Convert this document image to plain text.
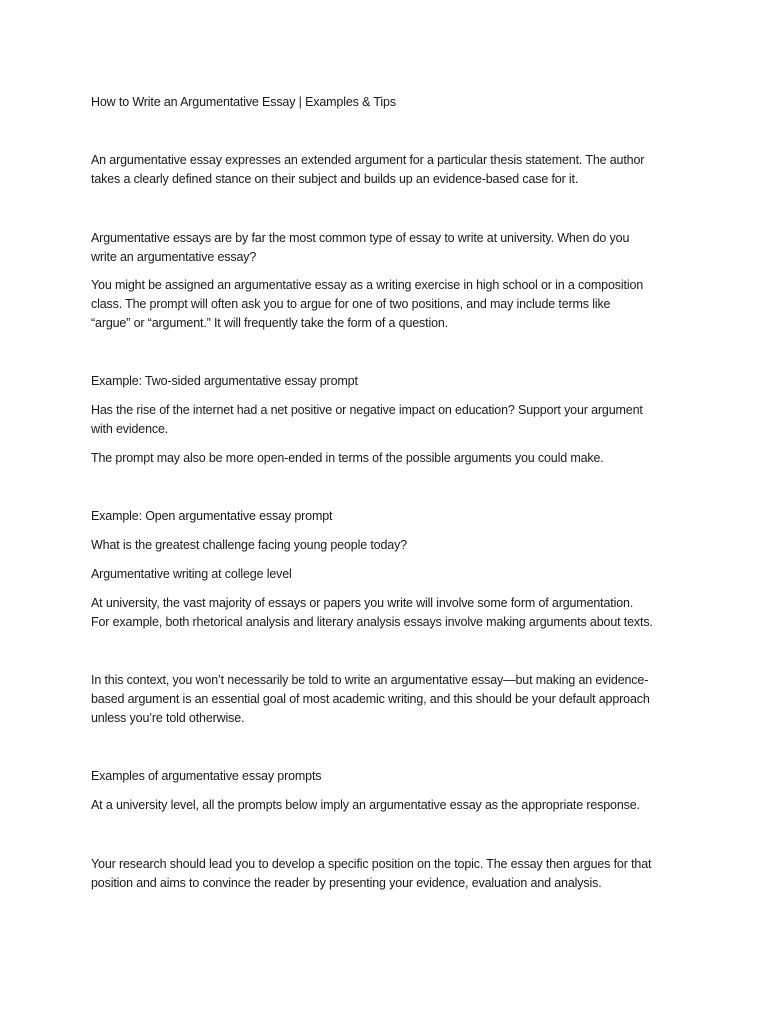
How to Write an Argumentative Essay | Examples & Tips
An argumentative essay expresses an extended argument for a particular thesis statement. The author
takes a clearly defined stance on their subject and builds up an evidence-based case for it.
Argumentative essays are by far the most common type of essay to write at university. When do you
write an argumentative essay?
You might be assigned an argumentative essay as a writing exercise in high school or in a composition
class. The prompt will often ask you to argue for one of two positions, and may include terms like
“argue” or “argument.” It will frequently take the form of a question.
Example: Two-sided argumentative essay prompt
Has the rise of the internet had a net positive or negative impact on education? Support your argument
with evidence.
The prompt may also be more open-ended in terms of the possible arguments you could make.
Example: Open argumentative essay prompt
What is the greatest challenge facing young people today?
Argumentative writing at college level
At university, the vast majority of essays or papers you write will involve some form of argumentation.
For example, both rhetorical analysis and literary analysis essays involve making arguments about texts.
In this context, you won’t necessarily be told to write an argumentative essay—but making an evidence-
based argument is an essential goal of most academic writing, and this should be your default approach
unless you’re told otherwise.
Examples of argumentative essay prompts
At a university level, all the prompts below imply an argumentative essay as the appropriate response.
Your research should lead you to develop a specific position on the topic. The essay then argues for that
position and aims to convince the reader by presenting your evidence, evaluation and analysis.
